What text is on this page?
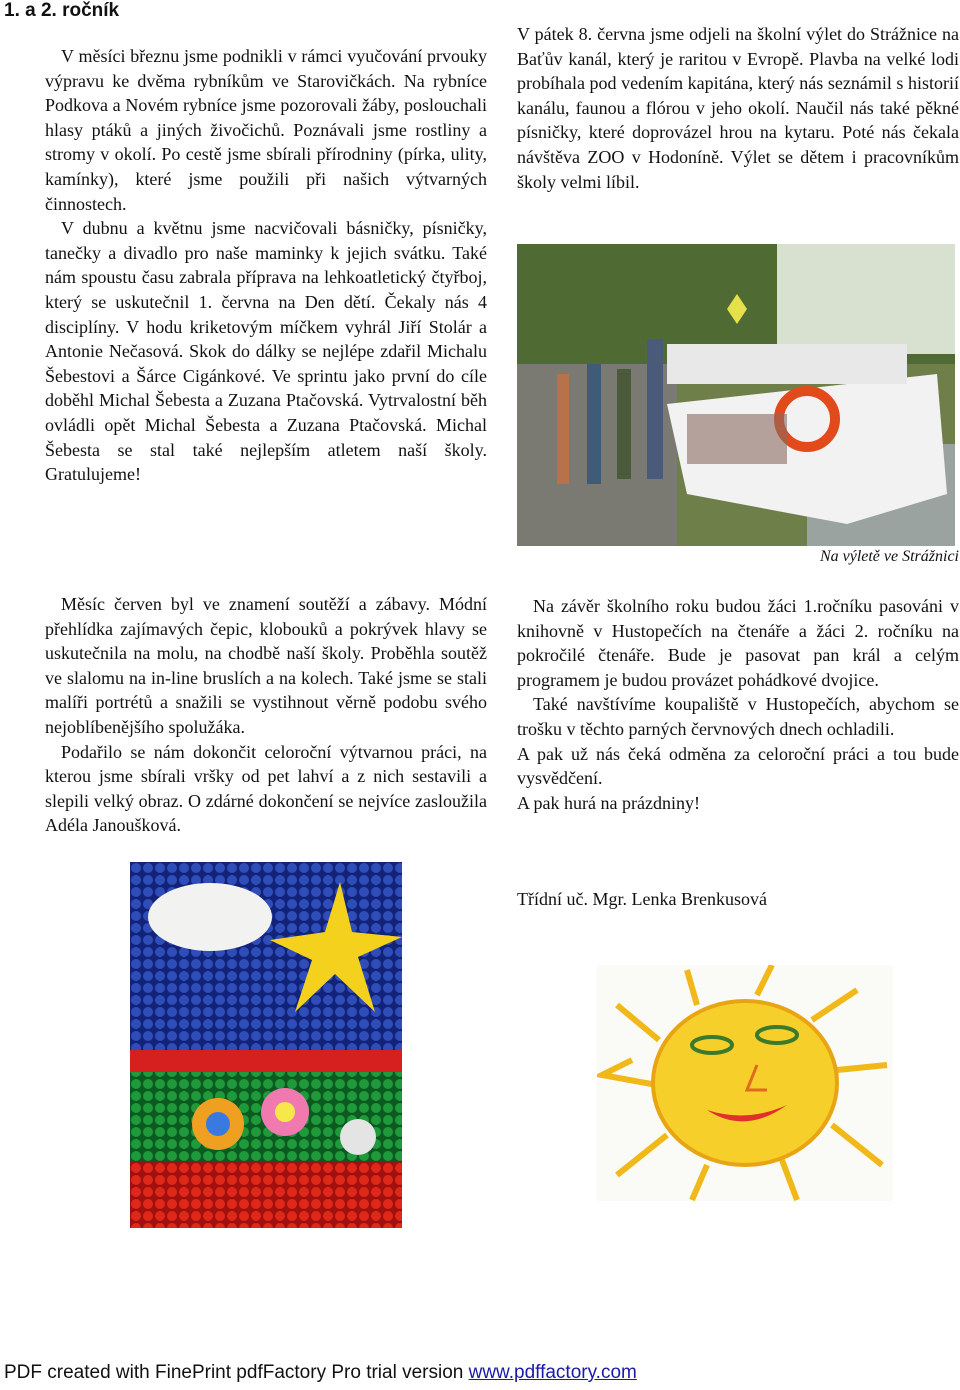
1. a 2. ročník

V měsíci březnu jsme podnikli v rámci vyučování prvouky výpravu ke dvěma rybníkům ve Starovičkách. Na rybníce Podkova a Novém rybníce jsme pozorovali žáby, poslouchali hlasy ptáků a jiných živočichů. Poznávali jsme rostliny a stromy v okolí. Po cestě jsme sbírali přírodniny (pírka, ulity, kamínky), které jsme použili při našich výtvarných činnostech.

V dubnu a květnu jsme nacvičovali básničky, písničky, tanečky a divadlo pro naše maminky k jejich svátku. Také nám spoustu času zabrala příprava na lehkoatletický čtyřboj, který se uskutečnil 1. června na Den dětí. Čekaly nás 4 disciplíny. V hodu kriketovým míčkem vyhrál Jiří Stolár a Antonie Nečasová. Skok do dálky se nejlépe zdařil Michalu Šebestovi a Šárce Cigánkové. Ve sprintu jako první do cíle doběhl Michal Šebesta a Zuzana Ptačovská. Vytrvalostní běh ovládli opět Michal Šebesta a Zuzana Ptačovská. Michal Šebesta se stal také nejlepším atletem naší školy. Gratulujeme!

Měsíc červen byl ve znamení soutěží a zábavy. Módní přehlídka zajímavých čepic, klobouků a pokrývek hlavy se uskutečnila na molu, na chodbě naší školy. Proběhla soutěž ve slalomu na in-line bruslích a na kolech. Také jsme se stali malíři portrétů a snažili se vystihnout věrně podobu svého nejoblíbenějšího spolužáka.

Podařilo se nám dokončit celoroční výtvarnou práci, na kterou jsme sbírali vršky od pet lahví a z nich sestavili a slepili velký obraz. O zdárné dokončení se nejvíce zasloužila Adéla Janoušková.

V pátek 8. června jsme odjeli na školní výlet do Strážnice na Baťův kanál, který je raritou v Evropě. Plavba na velké lodi probíhala pod vedením kapitána, který nás seznámil s historií kanálu, faunou a flórou v jeho okolí. Naučil nás také pěkné písničky, které doprovázel hrou na kytaru. Poté nás čekala návštěva ZOO v Hodoníně. Výlet se dětem i pracovníkům školy velmi líbil.

Na výletě ve Strážnici

Na závěr školního roku budou žáci 1.ročníku pasováni v knihovně v Hustopečích na čtenáře a žáci 2. ročníku na pokročilé čtenáře. Bude je pasovat pan král a celým programem je budou provázet pohádkové dvojice.

Také navštívíme koupaliště v Hustopečích, abychom se trošku v těchto parných červnových dnech ochladili.

A pak už nás čeká odměna za celoroční práci a tou bude vysvědčení.

A pak hurá na prázdniny!

Třídní uč. Mgr. Lenka Brenkusová
PDF created with FinePrint pdfFactory Pro trial version www.pdffactory.com
